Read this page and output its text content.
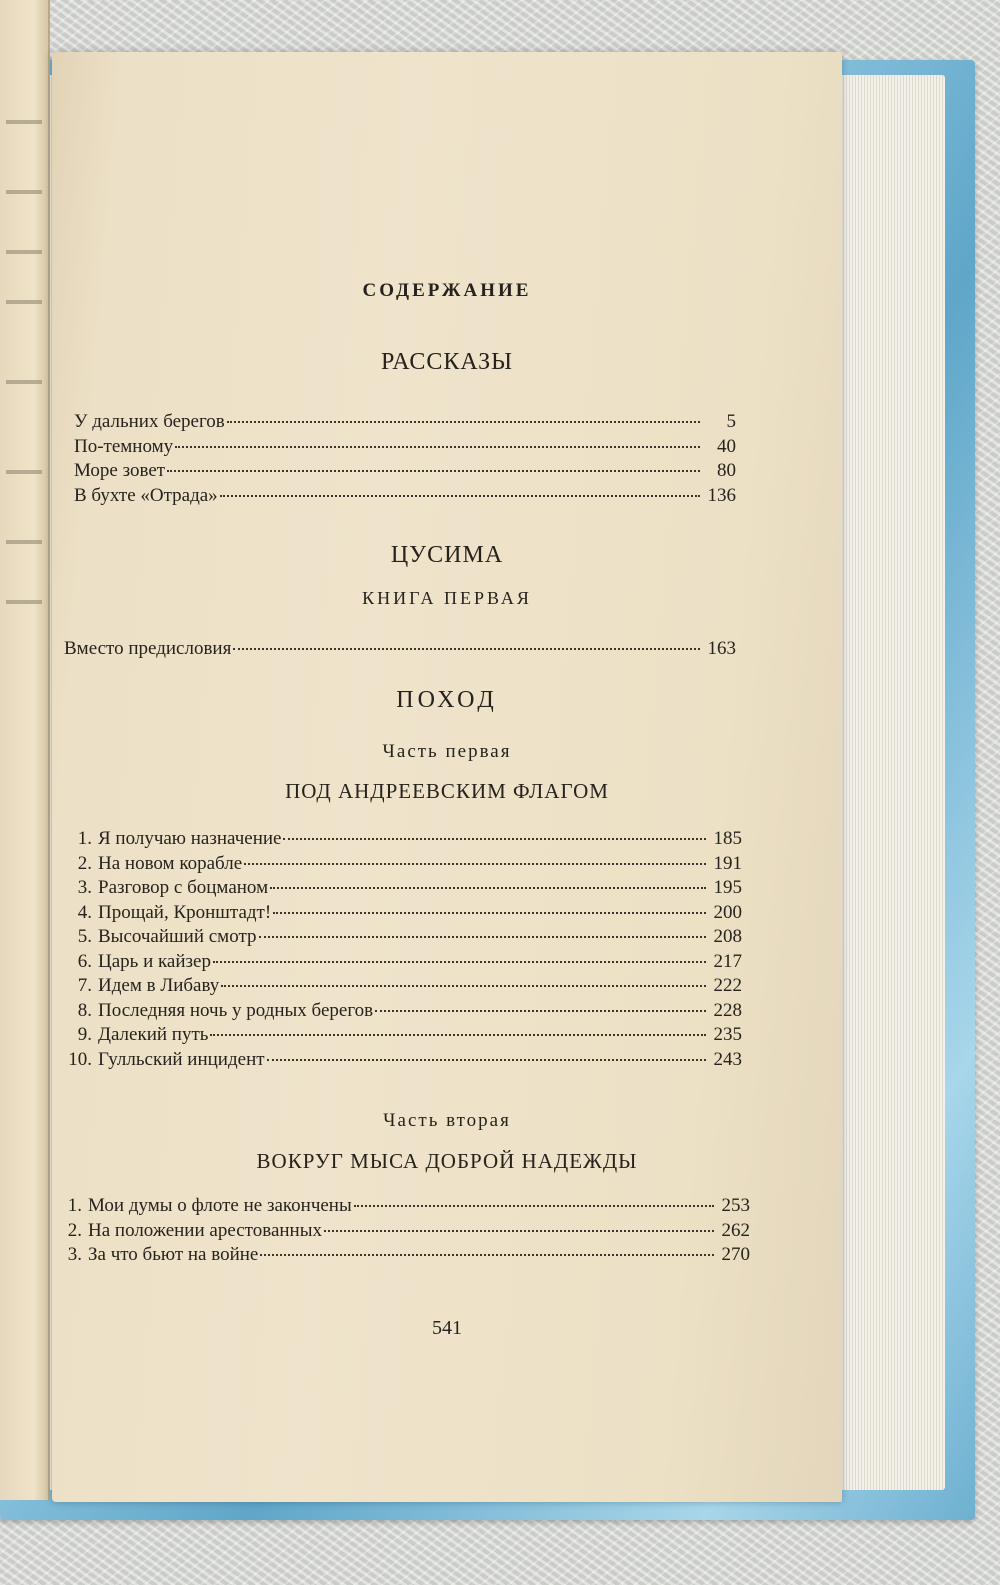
СОДЕРЖАНИЕ
РАССКАЗЫ
У дальних берегов	5
По-темному	40
Море зовет	80
В бухте «Отрада»	136
ЦУСИМА
КНИГА ПЕРВАЯ
Вместо предисловия	163
ПОХОД
Часть первая
ПОД АНДРЕЕВСКИМ ФЛАГОМ
1. Я получаю назначение	185
2. На новом корабле	191
3. Разговор с боцманом	195
4. Прощай, Кронштадт!	200
5. Высочайший смотр	208
6. Царь и кайзер	217
7. Идем в Либаву	222
8. Последняя ночь у родных берегов	228
9. Далекий путь	235
10. Гулльский инцидент	243
Часть вторая
ВОКРУГ МЫСА ДОБРОЙ НАДЕЖДЫ
1. Мои думы о флоте не закончены	253
2. На положении арестованных	262
3. За что бьют на войне	270
541
